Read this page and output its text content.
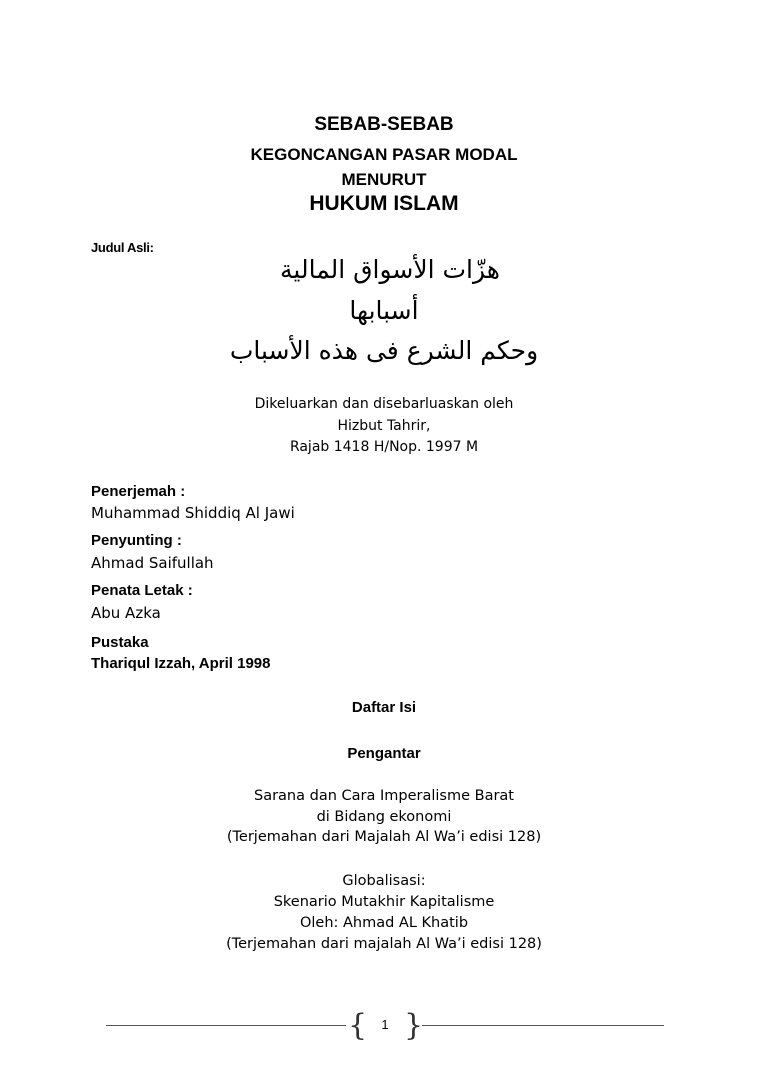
SEBAB-SEBAB
KEGONCANGAN PASAR MODAL
MENURUT
HUKUM ISLAM
Judul Asli:
هزّات الأسواق المالية
أسبابها
وحكم الشرع فى هذه الأسباب
Dikeluarkan dan disebarluaskan oleh
Hizbut Tahrir,
Rajab 1418 H/Nop. 1997 M
Penerjemah :
Muhammad Shiddiq Al Jawi
Penyunting :
Ahmad Saifullah
Penata Letak :
Abu Azka
Pustaka
Thariqul Izzah, April 1998
Daftar Isi
Pengantar
Sarana dan Cara Imperalisme Barat
di Bidang ekonomi
(Terjemahan dari Majalah Al Wa’i edisi 128)
Globalisasi:
Skenario Mutakhir Kapitalisme
Oleh: Ahmad AL Khatib
(Terjemahan dari majalah Al Wa’i edisi 128)
{	1 }
